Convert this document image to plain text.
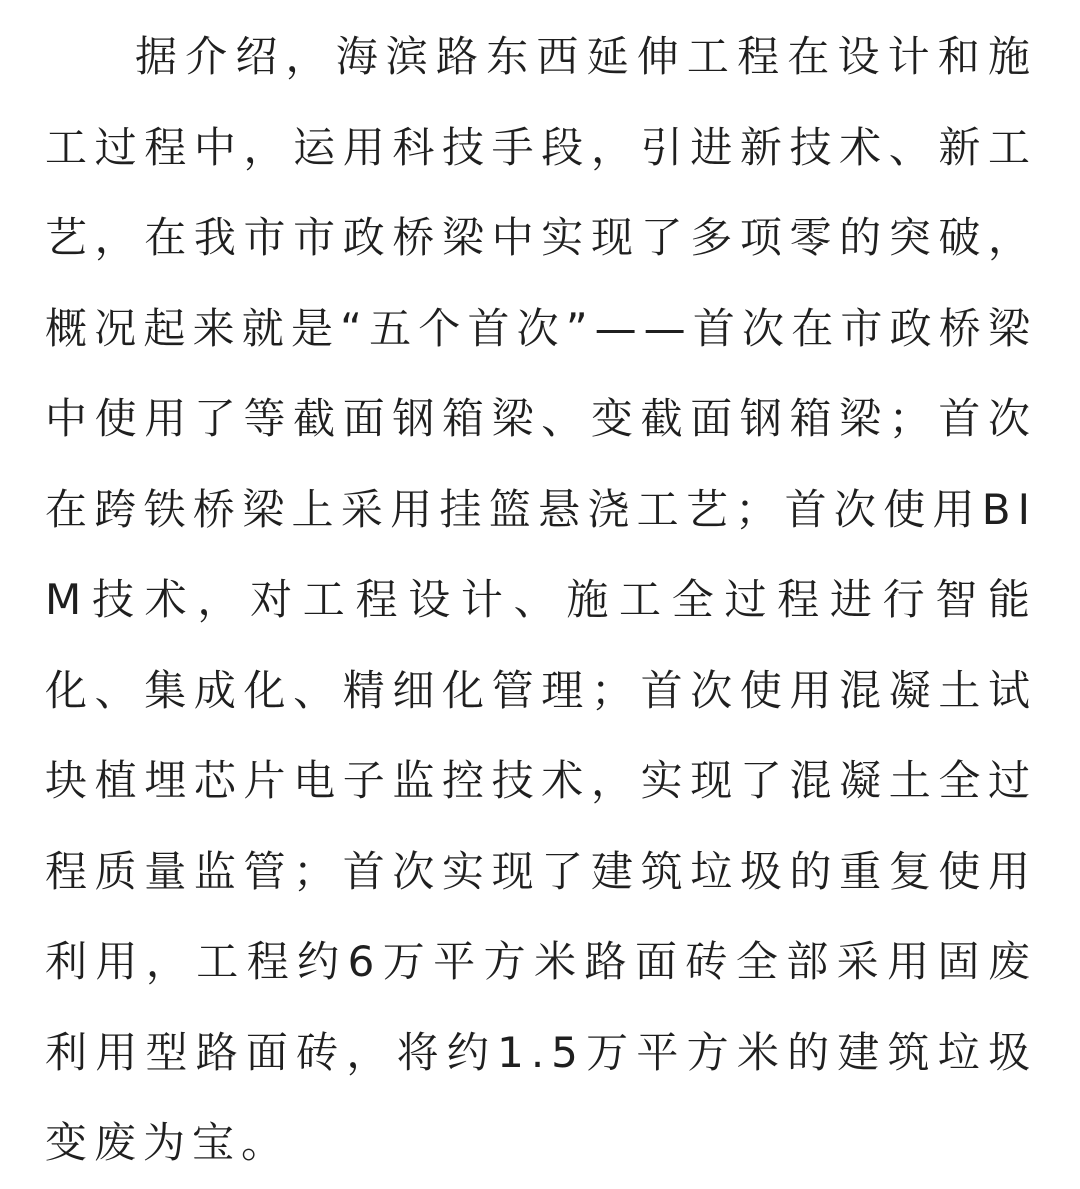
据介绍，海滨路东西延伸工程在设计和施工过程中，运用科技手段，引进新技术、新工艺，在我市市政桥梁中实现了多项零的突破，概况起来就是“五个首次”——首次在市政桥梁中使用了等截面钢箱梁、变截面钢箱梁；首次在跨铁桥梁上采用挂篮悬浇工艺；首次使用BIM技术，对工程设计、施工全过程进行智能化、集成化、精细化管理；首次使用混凝土试块植埋芯片电子监控技术，实现了混凝土全过程质量监管；首次实现了建筑垃圾的重复使用利用，工程约6万平方米路面砖全部采用固废利用型路面砖，将约1.5万平方米的建筑垃圾变废为宝。
